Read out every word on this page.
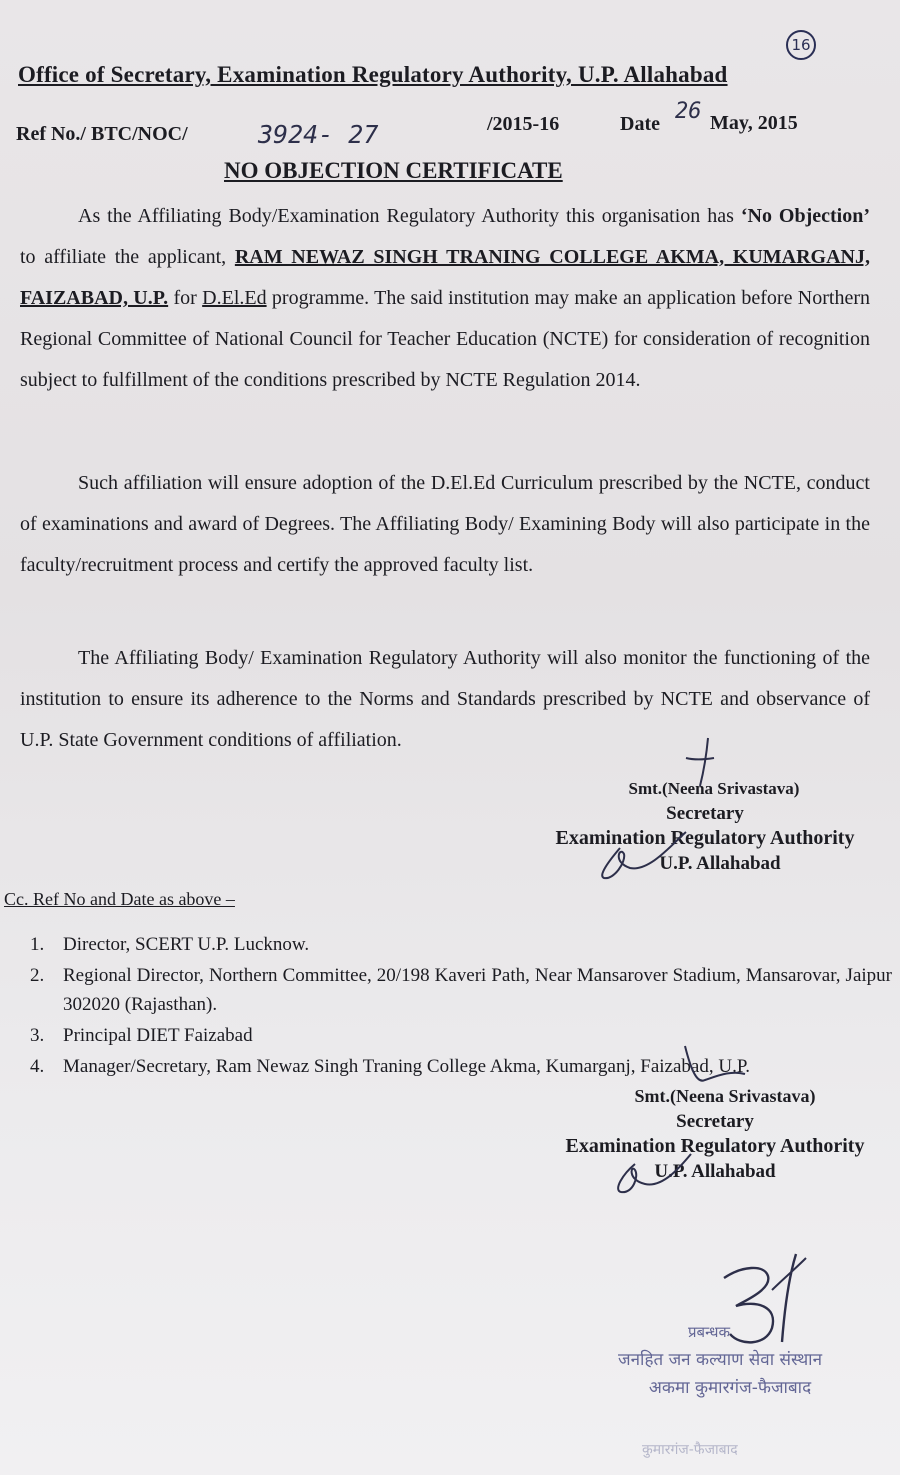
16
Office of Secretary, Examination Regulatory Authority, U.P. Allahabad
Ref No./ BTC/NOC/	3924- 27	/2015-16	Date 26 May, 2015
NO OBJECTION CERTIFICATE
As the Affiliating Body/Examination Regulatory Authority this organisation has ‘No Objection’ to affiliate the applicant, RAM NEWAZ SINGH TRANING COLLEGE AKMA, KUMARGANJ, FAIZABAD, U.P. for D.El.Ed programme. The said institution may make an application before Northern Regional Committee of National Council for Teacher Education (NCTE) for consideration of recognition subject to fulfillment of the conditions prescribed by NCTE Regulation 2014.
Such affiliation will ensure adoption of the D.El.Ed Curriculum prescribed by the NCTE, conduct of examinations and award of Degrees. The Affiliating Body/ Examining Body will also participate in the faculty/recruitment process and certify the approved faculty list.
The Affiliating Body/ Examination Regulatory Authority will also monitor the functioning of the institution to ensure its adherence to the Norms and Standards prescribed by NCTE and observance of U.P. State Government conditions of affiliation.
Smt.(Neena Srivastava)
Secretary
Examination Regulatory Authority
U.P. Allahabad
Cc. Ref No and Date as above –
1. Director, SCERT U.P. Lucknow.
2. Regional Director, Northern Committee, 20/198 Kaveri Path, Near Mansarover Stadium, Mansarovar, Jaipur 302020 (Rajasthan).
3. Principal DIET Faizabad
4. Manager/Secretary, Ram Newaz Singh Traning College Akma, Kumarganj, Faizabad, U.P.
Smt.(Neena Srivastava)
Secretary
Examination Regulatory Authority
U.P. Allahabad
प्रबन्धक
जनहित जन कल्याण सेवा संस्थान
अकमा कुमारगंज-फैजाबाद
कुमारगंज-फैजाबाद
